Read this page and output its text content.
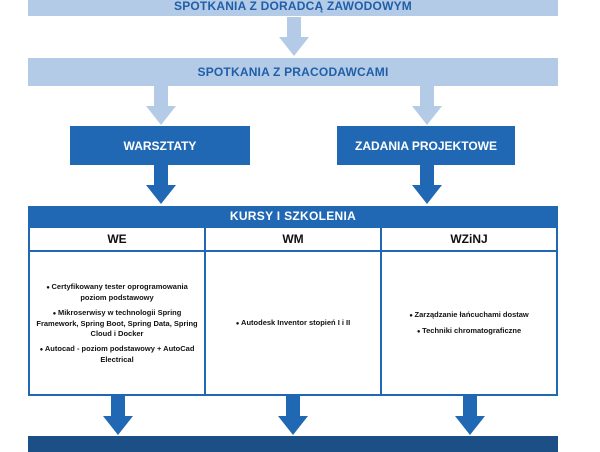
SPOTKANIA Z DORADCĄ ZAWODOWYM
SPOTKANIA Z PRACODAWCAMI
WARSZTATY	ZADANIA PROJEKTOWE
KURSY I SZKOLENIA
WE
● Certyfikowany tester oprogramowania poziom podstawowy
● Mikroserwisy w technologii Spring Framework, Spring Boot, Spring Data, Spring Cloud i Docker
● Autocad - poziom podstawowy + AutoCad Electrical
WM
● Autodesk Inventor stopień I i II
WZiNJ
● Zarządzanie łańcuchami dostaw
● Techniki chromatograficzne
